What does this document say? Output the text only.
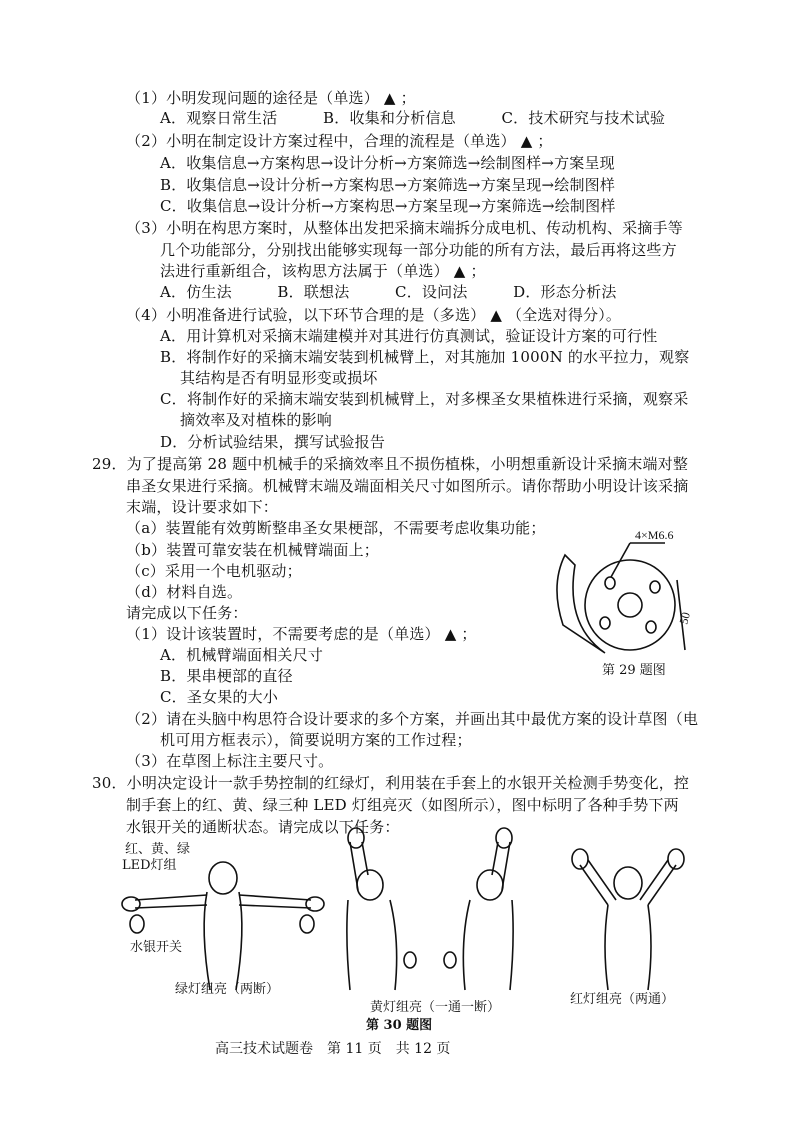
（1）小明发现问题的途径是（单选） ▲ ；
A．观察日常生活　　　B．收集和分析信息　　　C．技术研究与技术试验
（2）小明在制定设计方案过程中，合理的流程是（单选） ▲ ；
A．收集信息→方案构思→设计分析→方案筛选→绘制图样→方案呈现
B．收集信息→设计分析→方案构思→方案筛选→方案呈现→绘制图样
C．收集信息→设计分析→方案构思→方案呈现→方案筛选→绘制图样
（3）小明在构思方案时，从整体出发把采摘末端拆分成电机、传动机构、采摘手等
几个功能部分，分别找出能够实现每一部分功能的所有方法，最后再将这些方
法进行重新组合，该构思方法属于（单选） ▲ ；
A．仿生法　　　B．联想法　　　C．设问法　　　D．形态分析法
（4）小明准备进行试验，以下环节合理的是（多选） ▲ （全选对得分）。
A．用计算机对采摘末端建模并对其进行仿真测试，验证设计方案的可行性
B．将制作好的采摘末端安装到机械臂上，对其施加 1000N 的水平拉力，观察
其结构是否有明显形变或损坏
C．将制作好的采摘末端安装到机械臂上，对多棵圣女果植株进行采摘，观察采
摘效率及对植株的影响
D．分析试验结果，撰写试验报告
29．为了提高第 28 题中机械手的采摘效率且不损伤植株，小明想重新设计采摘末端对整
串圣女果进行采摘。机械臂末端及端面相关尺寸如图所示。请你帮助小明设计该采摘
末端，设计要求如下：
（a）装置能有效剪断整串圣女果梗部，不需要考虑收集功能；
（b）装置可靠安装在机械臂端面上；
（c）采用一个电机驱动；
（d）材料自选。
请完成以下任务：
（1）设计该装置时，不需要考虑的是（单选） ▲ ；
A．机械臂端面相关尺寸
B．果串梗部的直径
C．圣女果的大小
（2）请在头脑中构思符合设计要求的多个方案，并画出其中最优方案的设计草图（电
机可用方框表示），简要说明方案的工作过程；
（3）在草图上标注主要尺寸。
4×M6.6
50
第 29 题图
30．小明决定设计一款手势控制的红绿灯，利用装在手套上的水银开关检测手势变化，控
制手套上的红、黄、绿三种 LED 灯组亮灭（如图所示），图中标明了各种手势下两
水银开关的通断状态。请完成以下任务：
红、黄、绿
LED灯组
水银开关
绿灯组亮（两断）
黄灯组亮（一通一断）
红灯组亮（两通）
第 30 题图
高三技术试题卷　第 11 页　共 12 页
